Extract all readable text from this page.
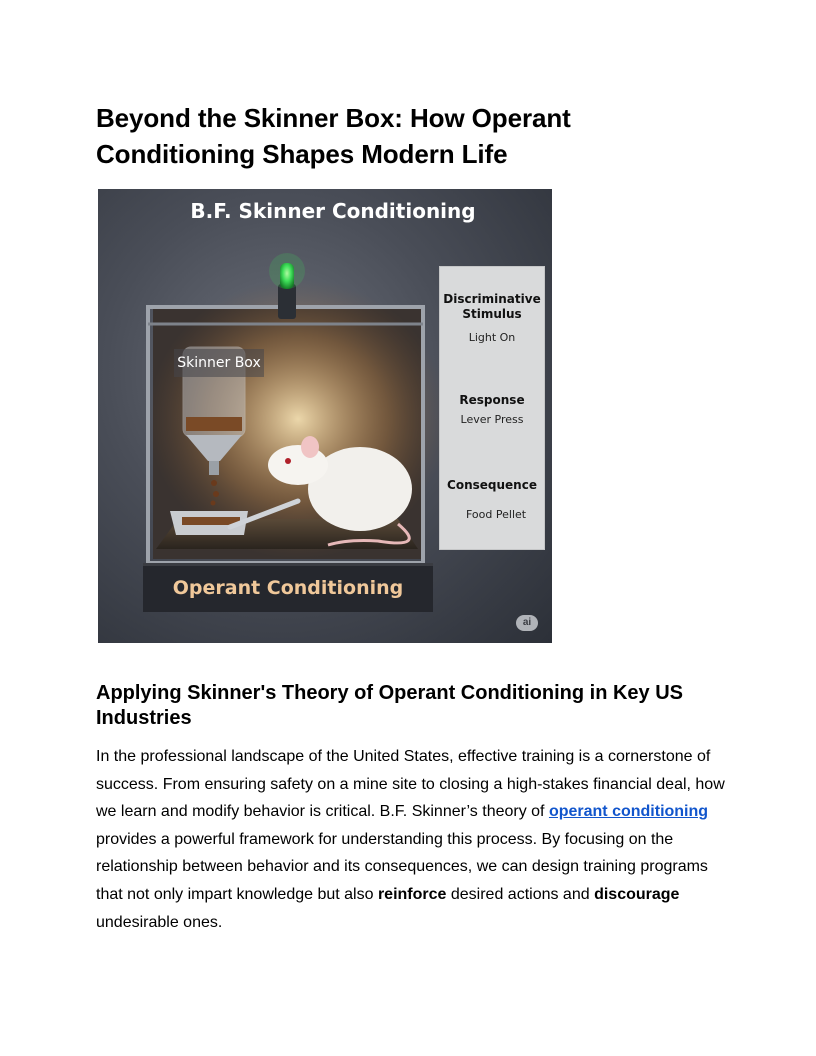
Beyond the Skinner Box: How Operant Conditioning Shapes Modern Life
B.F. Skinner Conditioning
Skinner Box
Discriminative
Stimulus
Light On
Response
Lever Press
Consequence
Food Pellet
Operant Conditioning
ai
Applying Skinner's Theory of Operant Conditioning in Key US Industries

In the professional landscape of the United States, effective training is a cornerstone of success. From ensuring safety on a mine site to closing a high-stakes financial deal, how we learn and modify behavior is critical. B.F. Skinner’s theory of operant conditioning provides a powerful framework for understanding this process. By focusing on the relationship between behavior and its consequences, we can design training programs that not only impart knowledge but also reinforce desired actions and discourage undesirable ones.
